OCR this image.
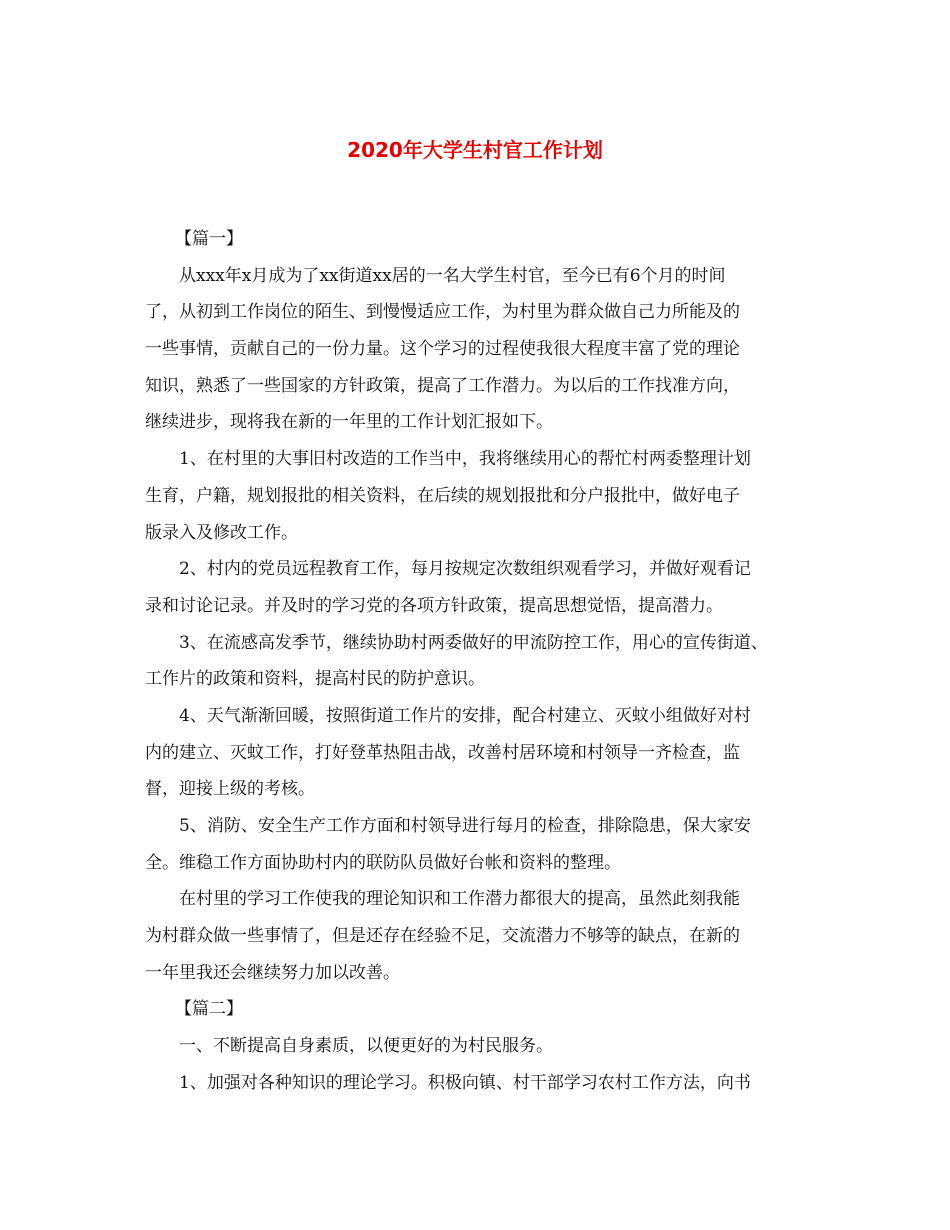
2020年大学生村官工作计划

【篇一】

从xxx年x月成为了xx街道xx居的一名大学生村官，至今已有6个月的时间

了，从初到工作岗位的陌生、到慢慢适应工作，为村里为群众做自己力所能及的

一些事情，贡献自己的一份力量。这个学习的过程使我很大程度丰富了党的理论

知识，熟悉了一些国家的方针政策，提高了工作潜力。为以后的工作找准方向，

继续进步，现将我在新的一年里的工作计划汇报如下。

1、在村里的大事旧村改造的工作当中，我将继续用心的帮忙村两委整理计划

生育，户籍，规划报批的相关资料，在后续的规划报批和分户报批中，做好电子

版录入及修改工作。

2、村内的党员远程教育工作，每月按规定次数组织观看学习，并做好观看记

录和讨论记录。并及时的学习党的各项方针政策，提高思想觉悟，提高潜力。

3、在流感高发季节，继续协助村两委做好的甲流防控工作，用心的宣传街道、

工作片的政策和资料，提高村民的防护意识。

4、天气渐渐回暖，按照街道工作片的安排，配合村建立、灭蚊小组做好对村

内的建立、灭蚊工作，打好登革热阻击战，改善村居环境和村领导一齐检查，监

督，迎接上级的考核。

5、消防、安全生产工作方面和村领导进行每月的检查，排除隐患，保大家安

全。维稳工作方面协助村内的联防队员做好台帐和资料的整理。

在村里的学习工作使我的理论知识和工作潜力都很大的提高，虽然此刻我能

为村群众做一些事情了，但是还存在经验不足，交流潜力不够等的缺点，在新的

一年里我还会继续努力加以改善。

【篇二】

一、不断提高自身素质，以便更好的为村民服务。

1、加强对各种知识的理论学习。积极向镇、村干部学习农村工作方法，向书
